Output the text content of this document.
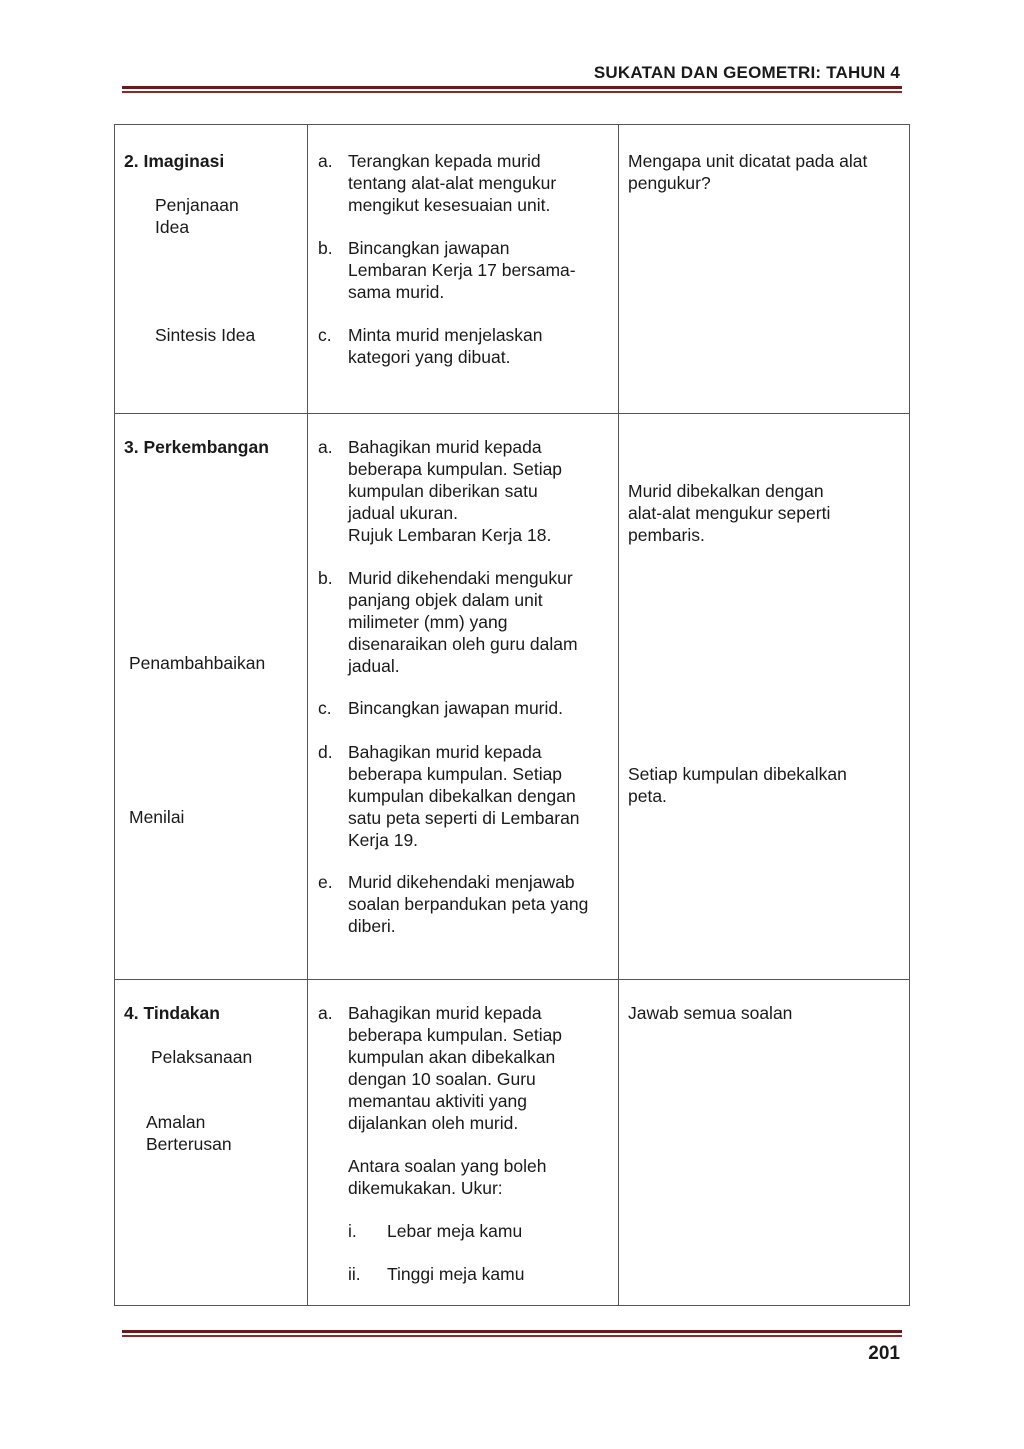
SUKATAN DAN GEOMETRI: TAHUN 4
2. Imaginasi
Penjanaan
Idea
Sintesis Idea
a. Terangkan kepada murid
tentang alat-alat mengukur
mengikut kesesuaian unit.
b. Bincangkan jawapan
Lembaran Kerja 17 bersama-
sama murid.
c. Minta murid menjelaskan
kategori yang dibuat.
Mengapa unit dicatat pada alat
pengukur?
3. Perkembangan
Penambahbaikan
Menilai
a. Bahagikan murid kepada
beberapa kumpulan. Setiap
kumpulan diberikan satu
jadual ukuran.
Rujuk Lembaran Kerja 18.
b. Murid dikehendaki mengukur
panjang objek dalam unit
milimeter (mm) yang
disenaraikan oleh guru dalam
jadual.
c. Bincangkan jawapan murid.
d. Bahagikan murid kepada
beberapa kumpulan. Setiap
kumpulan dibekalkan dengan
satu peta seperti di Lembaran
Kerja 19.
e. Murid dikehendaki menjawab
soalan berpandukan peta yang
diberi.
Murid dibekalkan dengan
alat-alat mengukur seperti
pembaris.
Setiap kumpulan dibekalkan
peta.
4. Tindakan
Pelaksanaan
Amalan
Berterusan
a. Bahagikan murid kepada
beberapa kumpulan. Setiap
kumpulan akan dibekalkan
dengan 10 soalan. Guru
memantau aktiviti yang
dijalankan oleh murid.
Antara soalan yang boleh
dikemukakan. Ukur:
i. Lebar meja kamu
ii. Tinggi meja kamu
Jawab semua soalan
201
